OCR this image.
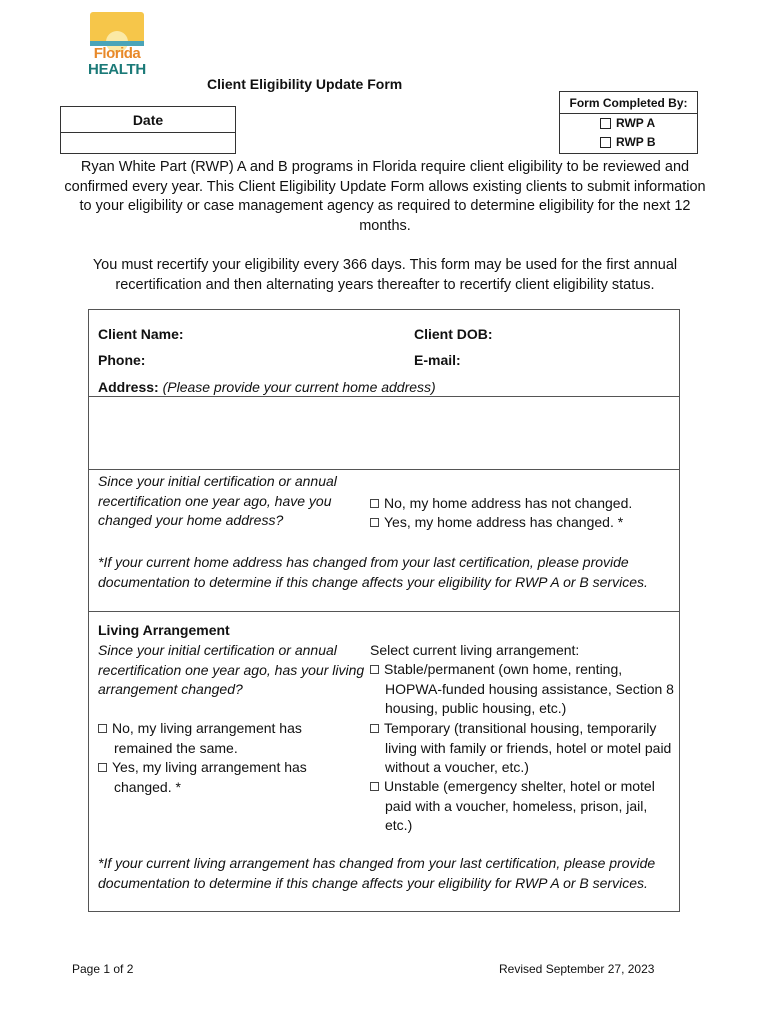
Florida
HEALTH
Client Eligibility Update Form
Date
Form Completed By:
RWP A
RWP B
Ryan White Part (RWP) A and B programs in Florida require client eligibility to be reviewed and confirmed every year. This Client Eligibility Update Form allows existing clients to submit information to your eligibility or case management agency as required to determine eligibility for the next 12 months.
You must recertify your eligibility every 366 days. This form may be used for the first annual recertification and then alternating years thereafter to recertify client eligibility status.
Client Name:	Client DOB:
Phone:	E-mail:
Address: (Please provide your current home address)
Since your initial certification or annual recertification one year ago, have you changed your home address?
No, my home address has not changed.
Yes, my home address has changed. *
*If your current home address has changed from your last certification, please provide documentation to determine if this change affects your eligibility for RWP A or B services.
Living Arrangement
Since your initial certification or annual recertification one year ago, has your living arrangement changed?
No, my living arrangement has remained the same.
Yes, my living arrangement has changed. *
Select current living arrangement:
Stable/permanent (own home, renting, HOPWA-funded housing assistance, Section 8 housing, public housing, etc.)
Temporary (transitional housing, temporarily living with family or friends, hotel or motel paid without a voucher, etc.)
Unstable (emergency shelter, hotel or motel paid with a voucher, homeless, prison, jail, etc.)
*If your current living arrangement has changed from your last certification, please provide documentation to determine if this change affects your eligibility for RWP A or B services.
Page 1 of 2	Revised September 27, 2023
